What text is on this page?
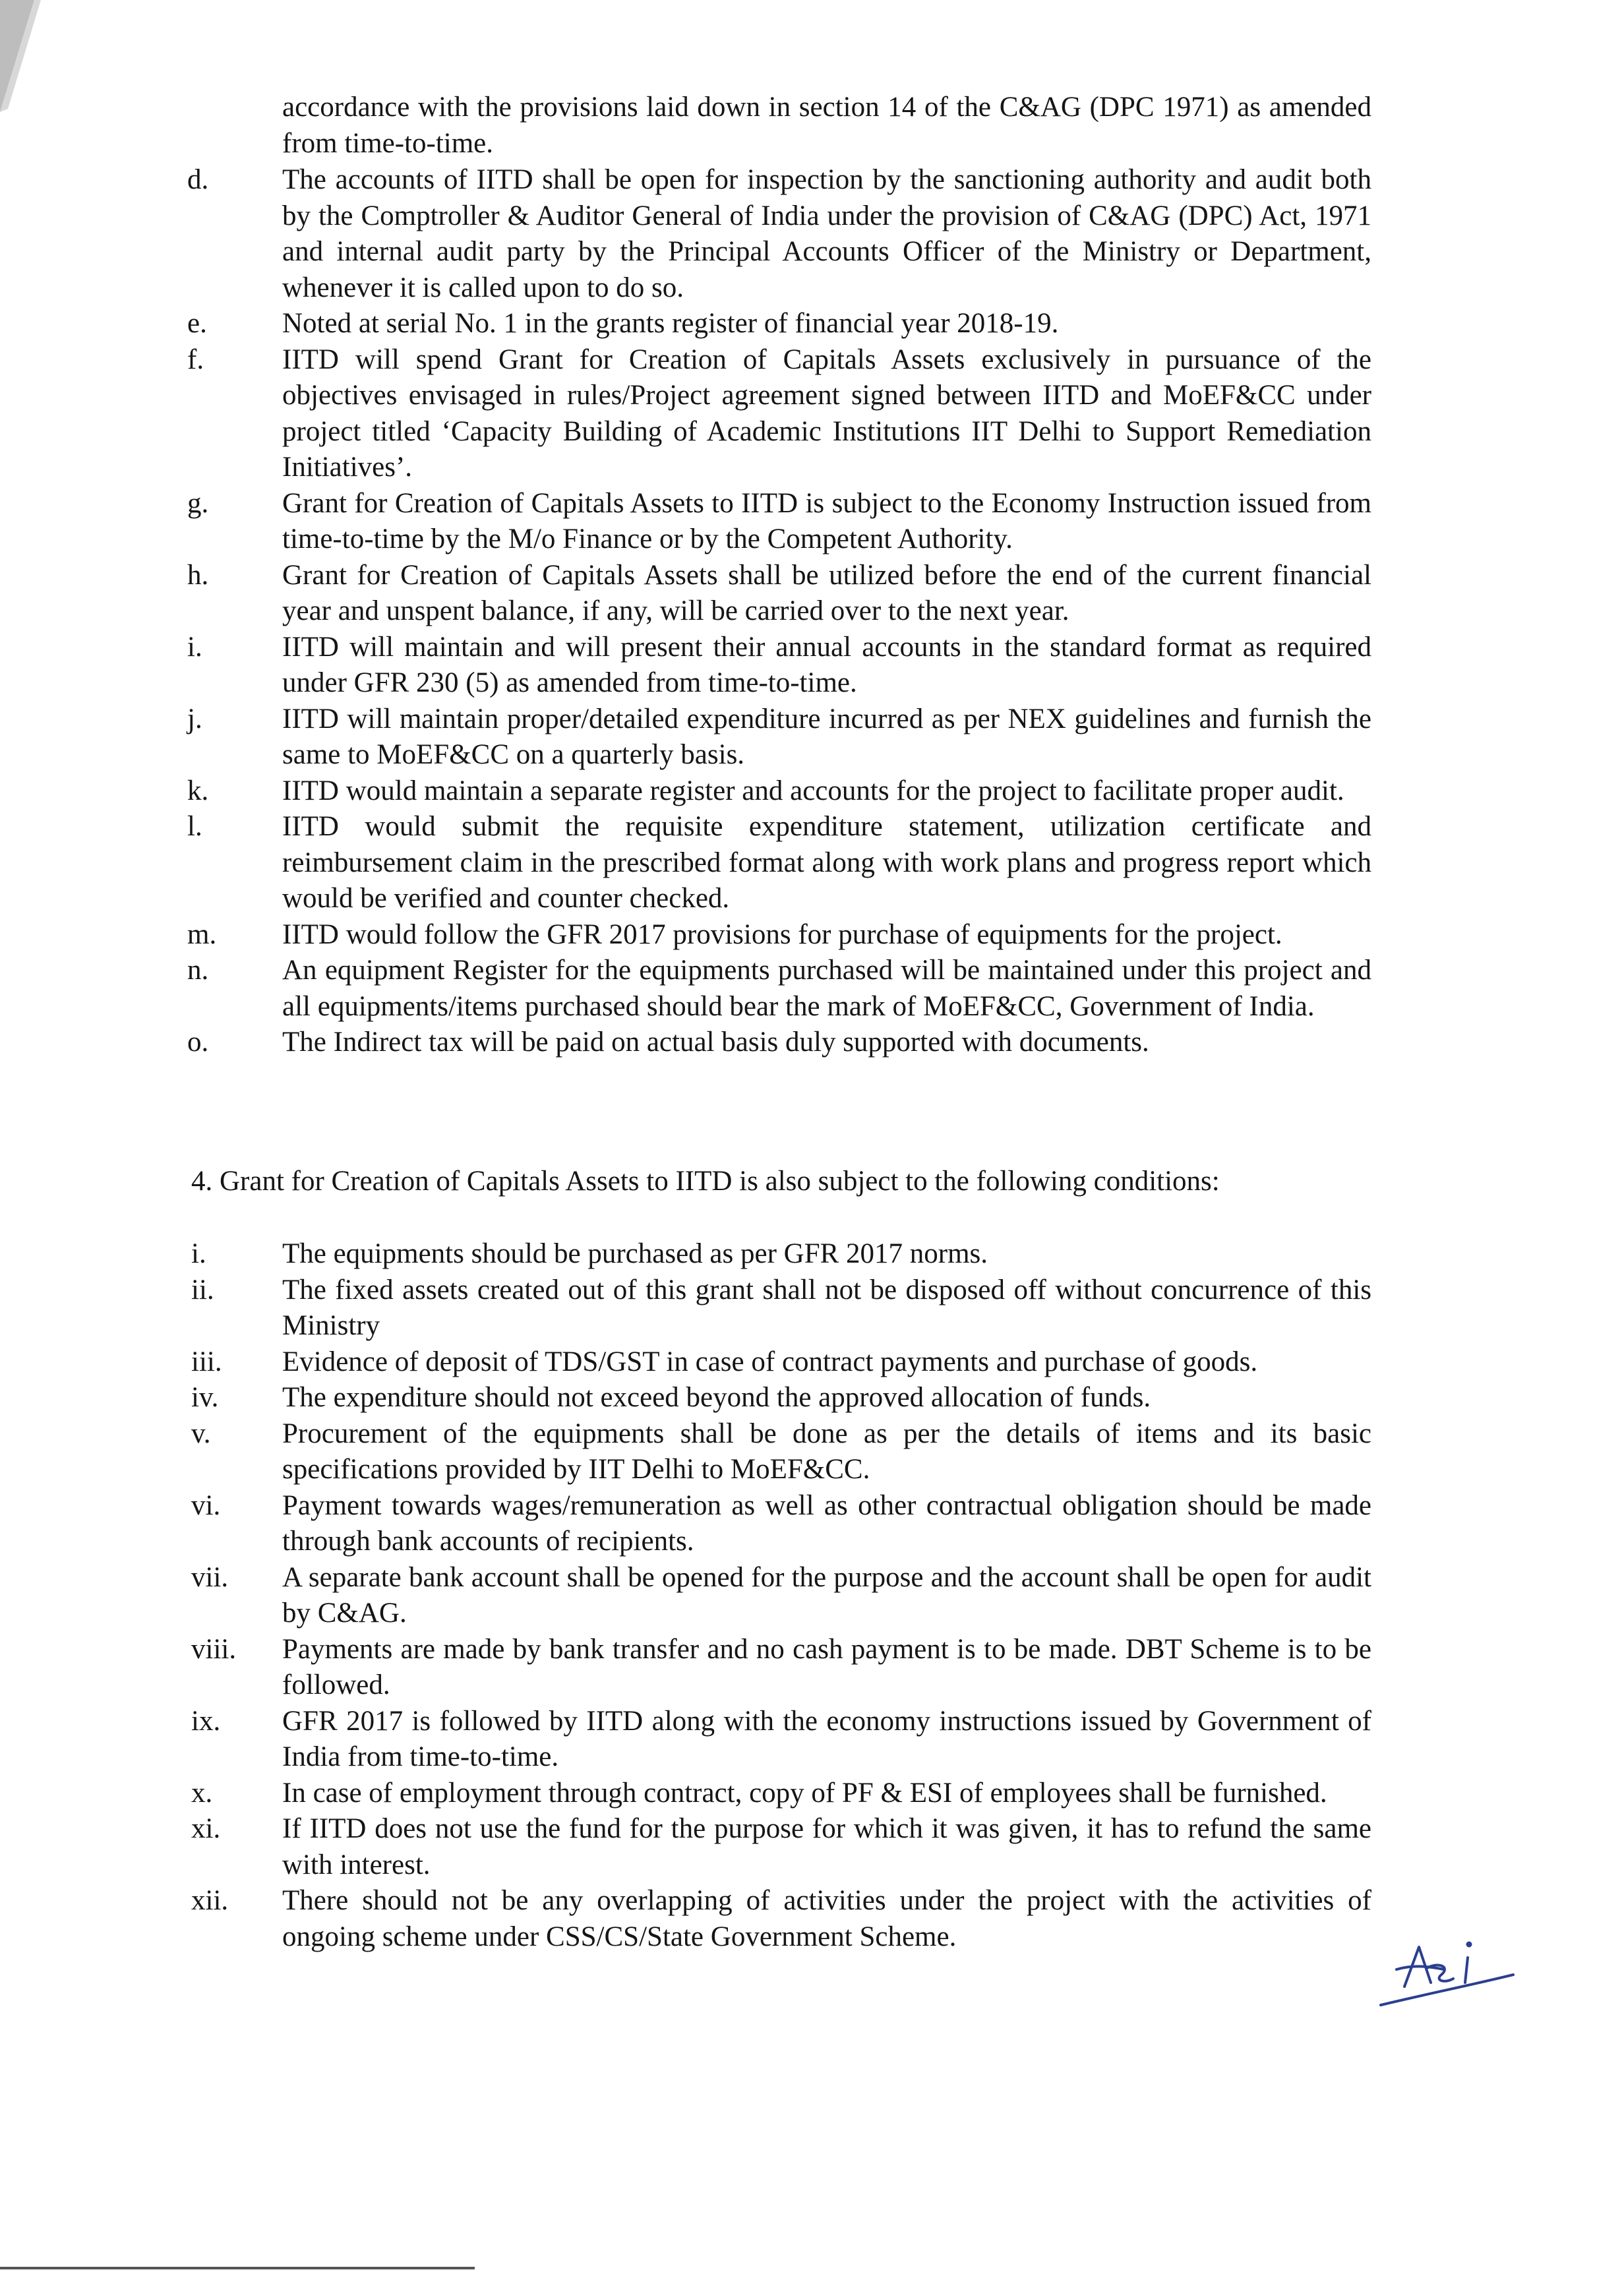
accordance with the provisions laid down in section 14 of the C&AG (DPC 1971) as amended from time-to-time.
d.	The accounts of IITD shall be open for inspection by the sanctioning authority and audit both by the Comptroller & Auditor General of India under the provision of C&AG (DPC) Act, 1971 and internal audit party by the Principal Accounts Officer of the Ministry or Department, whenever it is called upon to do so.
e.	Noted at serial No. 1 in the grants register of financial year 2018-19.
f.	IITD will spend Grant for Creation of Capitals Assets exclusively in pursuance of the objectives envisaged in rules/Project agreement signed between IITD and MoEF&CC under project titled ‘Capacity Building of Academic Institutions IIT Delhi to Support Remediation Initiatives’.
g.	Grant for Creation of Capitals Assets to IITD is subject to the Economy Instruction issued from time-to-time by the M/o Finance or by the Competent Authority.
h.	Grant for Creation of Capitals Assets shall be utilized before the end of the current financial year and unspent balance, if any, will be carried over to the next year.
i.	IITD will maintain and will present their annual accounts in the standard format as required under GFR 230 (5) as amended from time-to-time.
j.	IITD will maintain proper/detailed expenditure incurred as per NEX guidelines and furnish the same to MoEF&CC on a quarterly basis.
k.	IITD would maintain a separate register and accounts for the project to facilitate proper audit.
l.	IITD would submit the requisite expenditure statement, utilization certificate and reimbursement claim in the prescribed format along with work plans and progress report which would be verified and counter checked.
m. IITD would follow the GFR 2017 provisions for purchase of equipments for the project.
n.	An equipment Register for the equipments purchased will be maintained under this project and all equipments/items purchased should bear the mark of MoEF&CC, Government of India.
o.	The Indirect tax will be paid on actual basis duly supported with documents.
4. Grant for Creation of Capitals Assets to IITD is also subject to the following conditions:
i.	The equipments should be purchased as per GFR 2017 norms.
ii. The fixed assets created out of this grant shall not be disposed off without concurrence of this Ministry
iii. Evidence of deposit of TDS/GST in case of contract payments and purchase of goods.
iv. The expenditure should not exceed beyond the approved allocation of funds.
v.	Procurement of the equipments shall be done as per the details of items and its basic specifications provided by IIT Delhi to MoEF&CC.
vi. Payment towards wages/remuneration as well as other contractual obligation should be made through bank accounts of recipients.
vii. A separate bank account shall be opened for the purpose and the account shall be open for audit by C&AG.
viii. Payments are made by bank transfer and no cash payment is to be made. DBT Scheme is to be followed.
ix. GFR 2017 is followed by IITD along with the economy instructions issued by Government of India from time-to-time.
x. In case of employment through contract, copy of PF & ESI of employees shall be furnished.
xi. If IITD does not use the fund for the purpose for which it was given, it has to refund the same with interest.
xii. There should not be any overlapping of activities under the project with the activities of ongoing scheme under CSS/CS/State Government Scheme.
